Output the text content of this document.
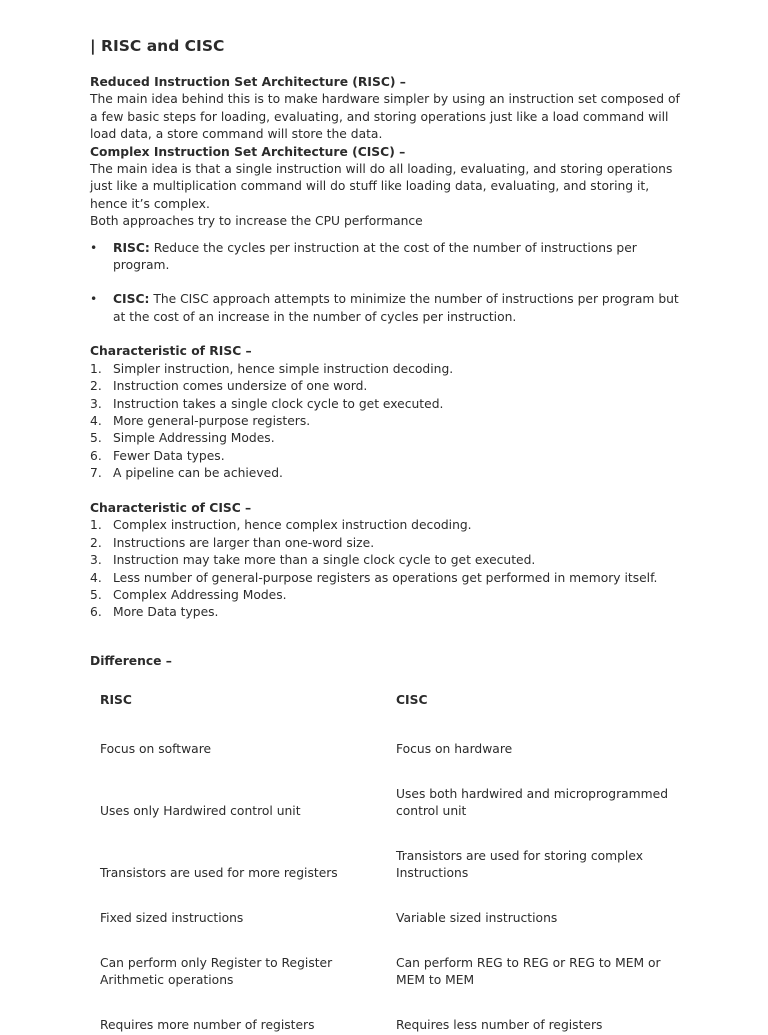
| RISC and CISC
Reduced Instruction Set Architecture (RISC) –

The main idea behind this is to make hardware simpler by using an instruction set composed of a few basic steps for loading, evaluating, and storing operations just like a load command will load data, a store command will store the data.

Complex Instruction Set Architecture (CISC) –

The main idea is that a single instruction will do all loading, evaluating, and storing operations just like a multiplication command will do stuff like loading data, evaluating, and storing it, hence it’s complex.

Both approaches try to increase the CPU performance

• RISC: Reduce the cycles per instruction at the cost of the number of instructions per program.
• CISC: The CISC approach attempts to minimize the number of instructions per program but at the cost of an increase in the number of cycles per instruction.
Characteristic of RISC –
1. Simpler instruction, hence simple instruction decoding.
2. Instruction comes undersize of one word.
3. Instruction takes a single clock cycle to get executed.
4. More general-purpose registers.
5. Simple Addressing Modes.
6. Fewer Data types.
7. A pipeline can be achieved.
Characteristic of CISC –
1. Complex instruction, hence complex instruction decoding.
2. Instructions are larger than one-word size.
3. Instruction may take more than a single clock cycle to get executed.
4. Less number of general-purpose registers as operations get performed in memory itself.
5. Complex Addressing Modes.
6. More Data types.
Difference –
RISC	CISC
Focus on software	Focus on hardware
Uses only Hardwired control unit	Uses both hardwired and microprogrammed control unit
Transistors are used for more registers	Transistors are used for storing complex Instructions
Fixed sized instructions	Variable sized instructions
Can perform only Register to Register Arithmetic operations	Can perform REG to REG or REG to MEM or MEM to MEM
Requires more number of registers	Requires less number of registers
